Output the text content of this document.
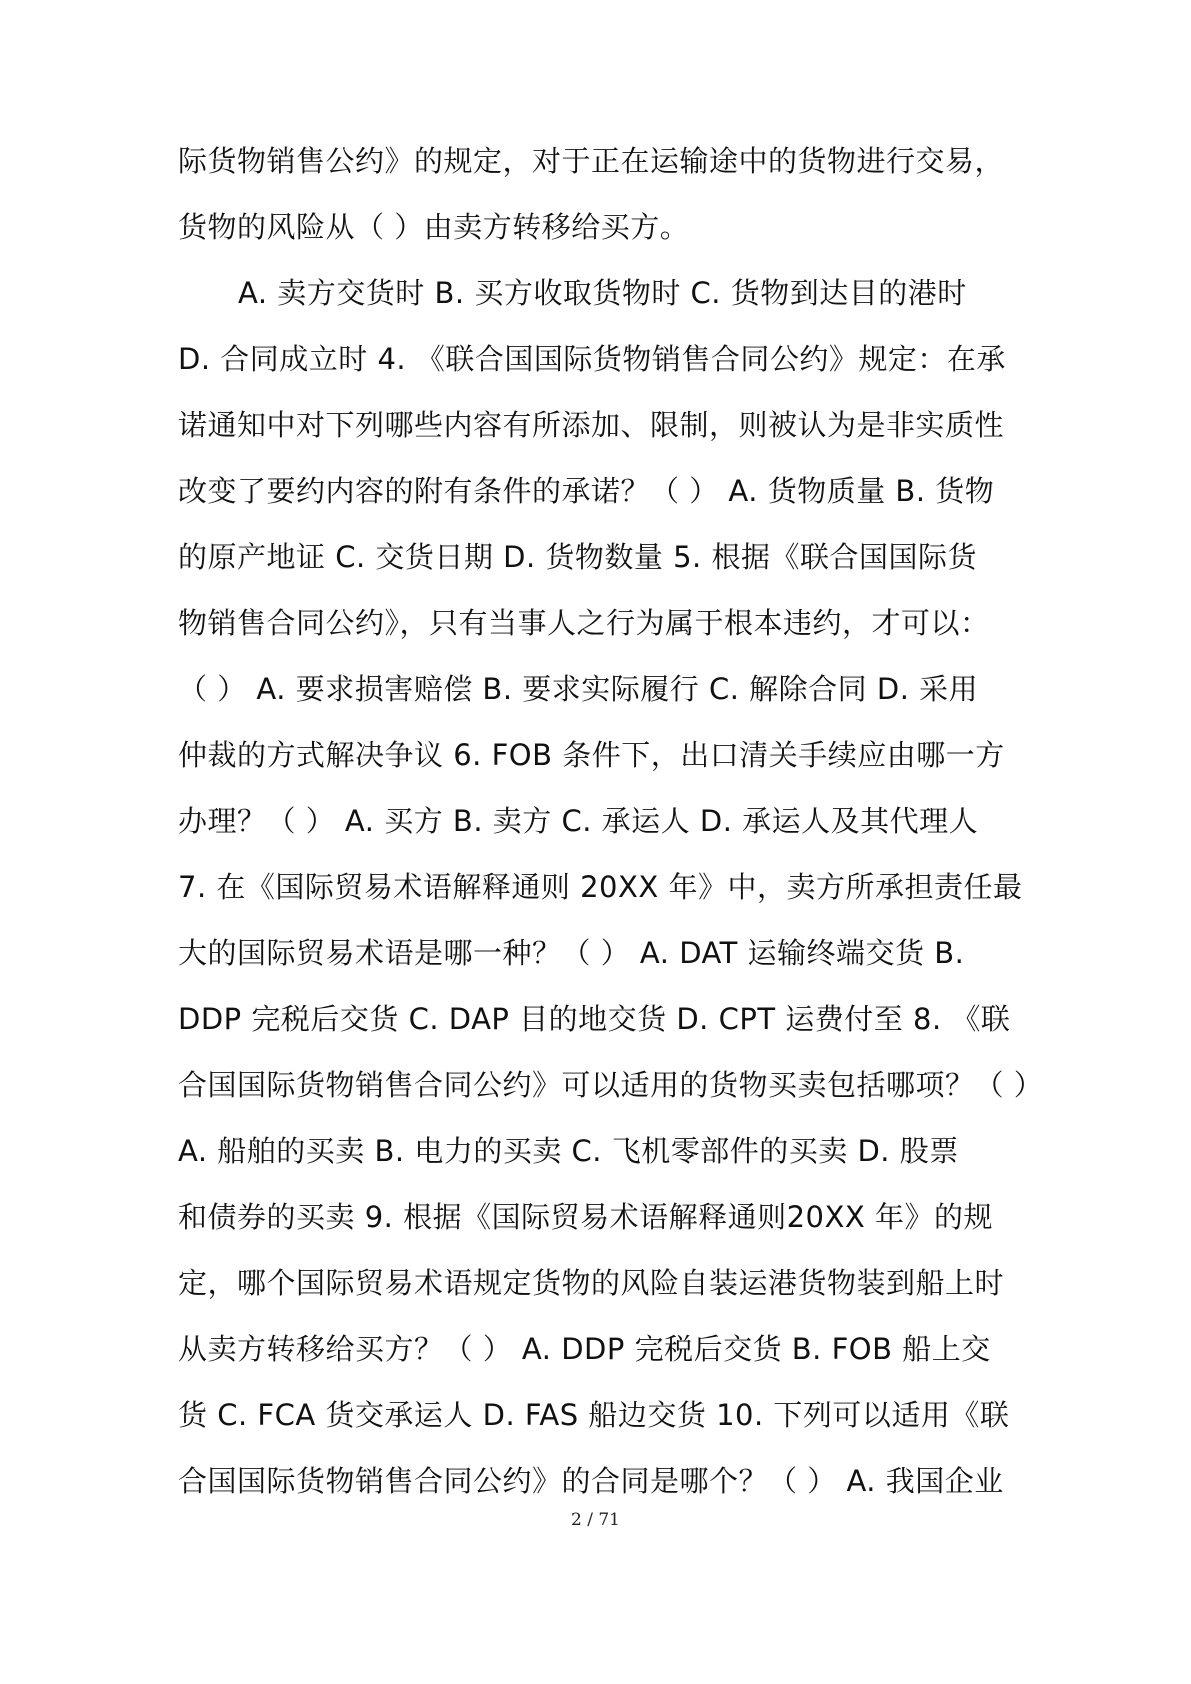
际货物销售公约》的规定，对于正在运输途中的货物进行交易，
货物的风险从（ ）由卖方转移给买方。
A. 卖方交货时 B. 买方收取货物时 C. 货物到达目的港时
D. 合同成立时 4. 《联合国国际货物销售合同公约》规定：在承
诺通知中对下列哪些内容有所添加、限制，则被认为是非实质性
改变了要约内容的附有条件的承诺？（ ） A. 货物质量 B. 货物
的原产地证 C. 交货日期 D. 货物数量 5. 根据《联合国国际货
物销售合同公约》，只有当事人之行为属于根本违约，才可以：
（ ） A. 要求损害赔偿 B. 要求实际履行 C. 解除合同 D. 采用
仲裁的方式解决争议 6. FOB 条件下，出口清关手续应由哪一方
办理？（ ） A. 买方 B. 卖方 C. 承运人 D. 承运人及其代理人
7. 在《国际贸易术语解释通则 20XX 年》中，卖方所承担责任最
大的国际贸易术语是哪一种？（ ） A. DAT 运输终端交货 B.
DDP 完税后交货 C. DAP 目的地交货 D. CPT 运费付至 8. 《联
合国国际货物销售合同公约》可以适用的货物买卖包括哪项？（ ）
A. 船舶的买卖 B. 电力的买卖 C. 飞机零部件的买卖 D. 股票
和债券的买卖 9. 根据《国际贸易术语解释通则20XX 年》的规
定，哪个国际贸易术语规定货物的风险自装运港货物装到船上时
从卖方转移给买方？（ ） A. DDP 完税后交货 B. FOB 船上交
货 C. FCA 货交承运人 D. FAS 船边交货 10. 下列可以适用《联
合国国际货物销售合同公约》的合同是哪个？（ ） A. 我国企业
2 / 71
